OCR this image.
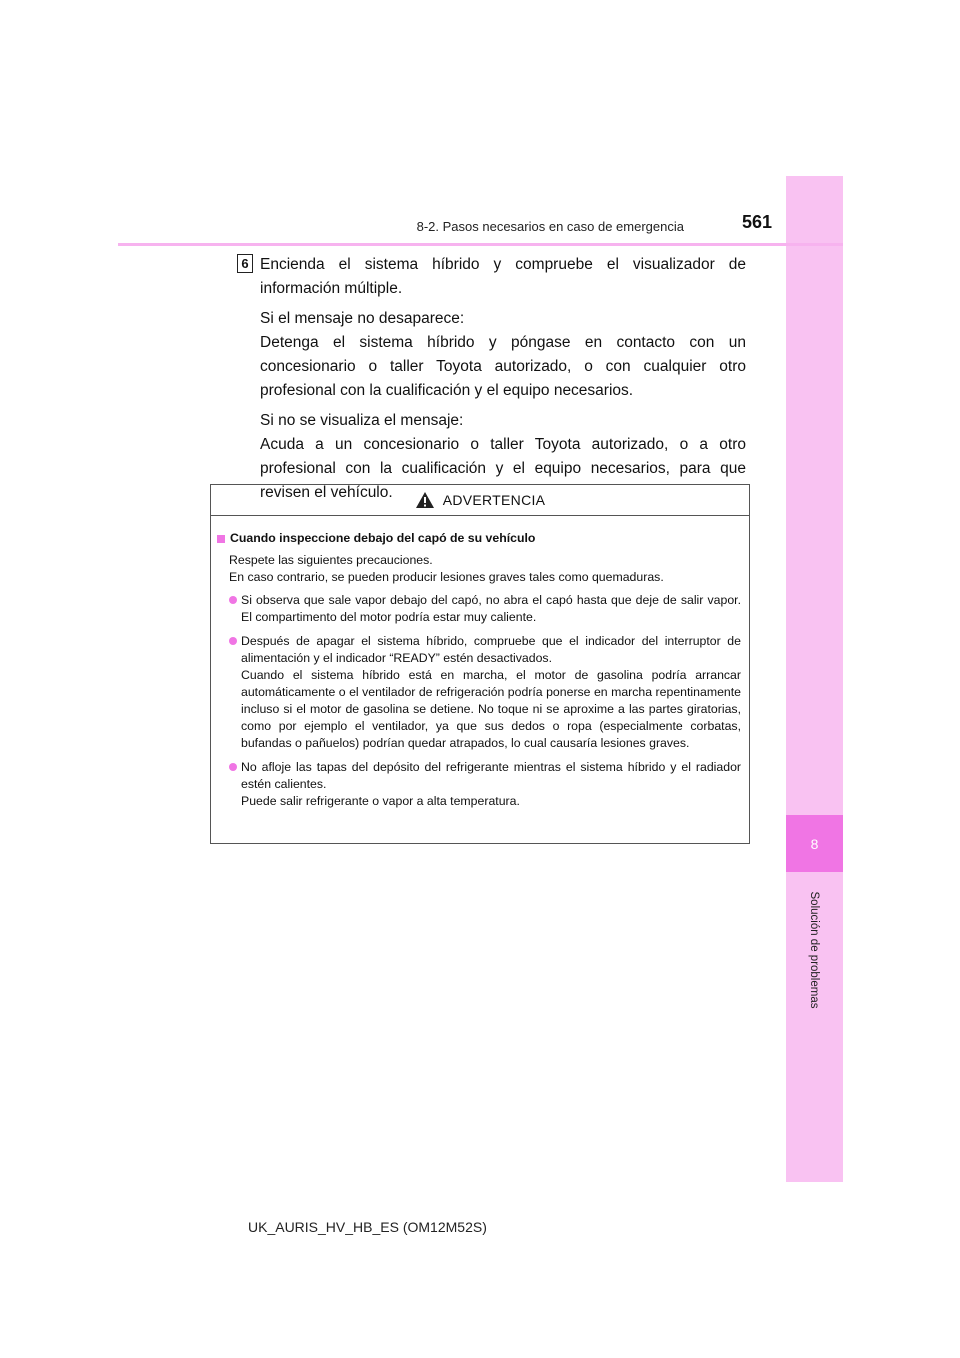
8
Solución de problemas
8-2. Pasos necesarios en caso de emergencia	561
6 Encienda el sistema híbrido y compruebe el visualizador de información múltiple.

Si el mensaje no desaparece:

Detenga el sistema híbrido y póngase en contacto con un concesionario o taller Toyota autorizado, o con cualquier otro profesional con la cualificación y el equipo necesarios.

Si no se visualiza el mensaje:

Acuda a un concesionario o taller Toyota autorizado, o a otro profesional con la cualificación y el equipo necesarios, para que revisen el vehículo.	ADVERTENCIA
Cuando inspeccione debajo del capó de su vehículo
Respete las siguientes precauciones.
En caso contrario, se pueden producir lesiones graves tales como quemaduras.
Si observa que sale vapor debajo del capó, no abra el capó hasta que deje de salir vapor. El compartimento del motor podría estar muy caliente.
Después de apagar el sistema híbrido, compruebe que el indicador del interruptor de alimentación y el indicador “READY” estén desactivados.
Cuando el sistema híbrido está en marcha, el motor de gasolina podría arrancar automáticamente o el ventilador de refrigeración podría ponerse en marcha repentinamente incluso si el motor de gasolina se detiene. No toque ni se aproxime a las partes giratorias, como por ejemplo el ventilador, ya que sus dedos o ropa (especialmente corbatas, bufandas o pañuelos) podrían quedar atrapados, lo cual causaría lesiones graves.
No afloje las tapas del depósito del refrigerante mientras el sistema híbrido y el radiador estén calientes.
Puede salir refrigerante o vapor a alta temperatura.
UK_AURIS_HV_HB_ES (OM12M52S)
